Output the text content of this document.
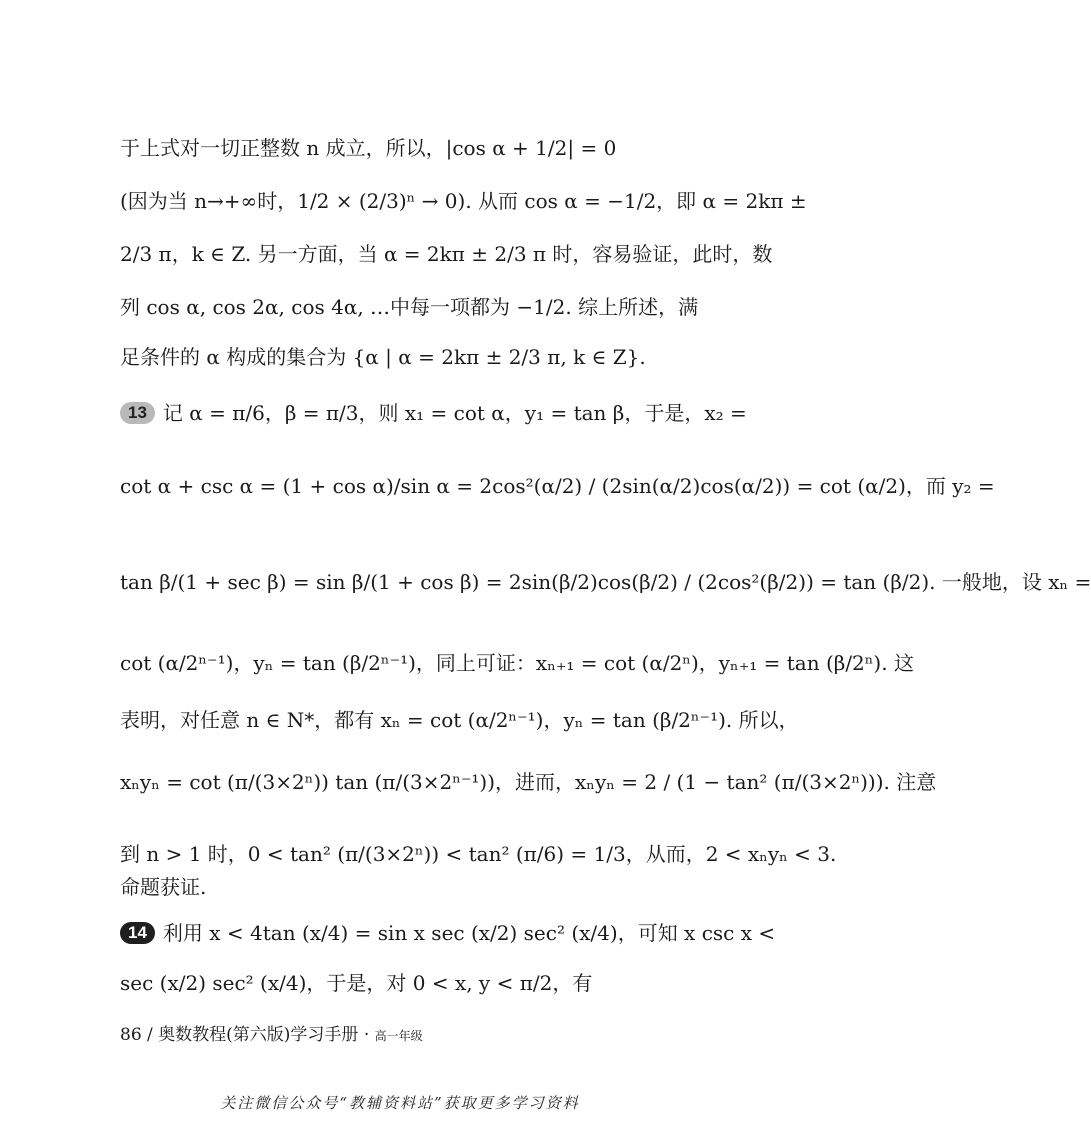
于上式对一切正整数 n 成立，所以，|cos α + 1/2| = 0
(因为当 n→+∞时，1/2 × (2/3)ⁿ → 0). 从而 cos α = −1/2，即 α = 2kπ ±
2/3 π，k ∈ Z. 另一方面，当 α = 2kπ ± 2/3 π 时，容易验证，此时，数
列 cos α, cos 2α, cos 4α, …中每一项都为 −1/2. 综上所述，满
足条件的 α 构成的集合为 {α | α = 2kπ ± 2/3 π, k ∈ Z}.
13 记 α = π/6，β = π/3，则 x₁ = cot α，y₁ = tan β，于是，x₂ =
cot α + csc α = (1 + cos α)/sin α = 2cos²(α/2) / (2sin(α/2)cos(α/2)) = cot (α/2)，而 y₂ =
tan β/(1 + sec β) = sin β/(1 + cos β) = 2sin(β/2)cos(β/2) / (2cos²(β/2)) = tan (β/2). 一般地，设 xₙ =
cot (α/2ⁿ⁻¹)，yₙ = tan (β/2ⁿ⁻¹)，同上可证：xₙ₊₁ = cot (α/2ⁿ)，yₙ₊₁ = tan (β/2ⁿ). 这
表明，对任意 n ∈ N*，都有 xₙ = cot (α/2ⁿ⁻¹)，yₙ = tan (β/2ⁿ⁻¹). 所以，
xₙyₙ = cot (π/(3×2ⁿ)) tan (π/(3×2ⁿ⁻¹))，进而，xₙyₙ = 2 / (1 − tan² (π/(3×2ⁿ))). 注意
到 n > 1 时，0 < tan² (π/(3×2ⁿ)) < tan² (π/6) = 1/3，从而，2 < xₙyₙ < 3.
命题获证.
14 利用 x < 4tan (x/4) = sin x sec (x/2) sec² (x/4)，可知 x csc x <
sec (x/2) sec² (x/4)，于是，对 0 < x, y < π/2，有
86 / 奥数教程(第六版)学习手册 · 高一年级
关注微信公众号“教辅资料站”获取更多学习资料
